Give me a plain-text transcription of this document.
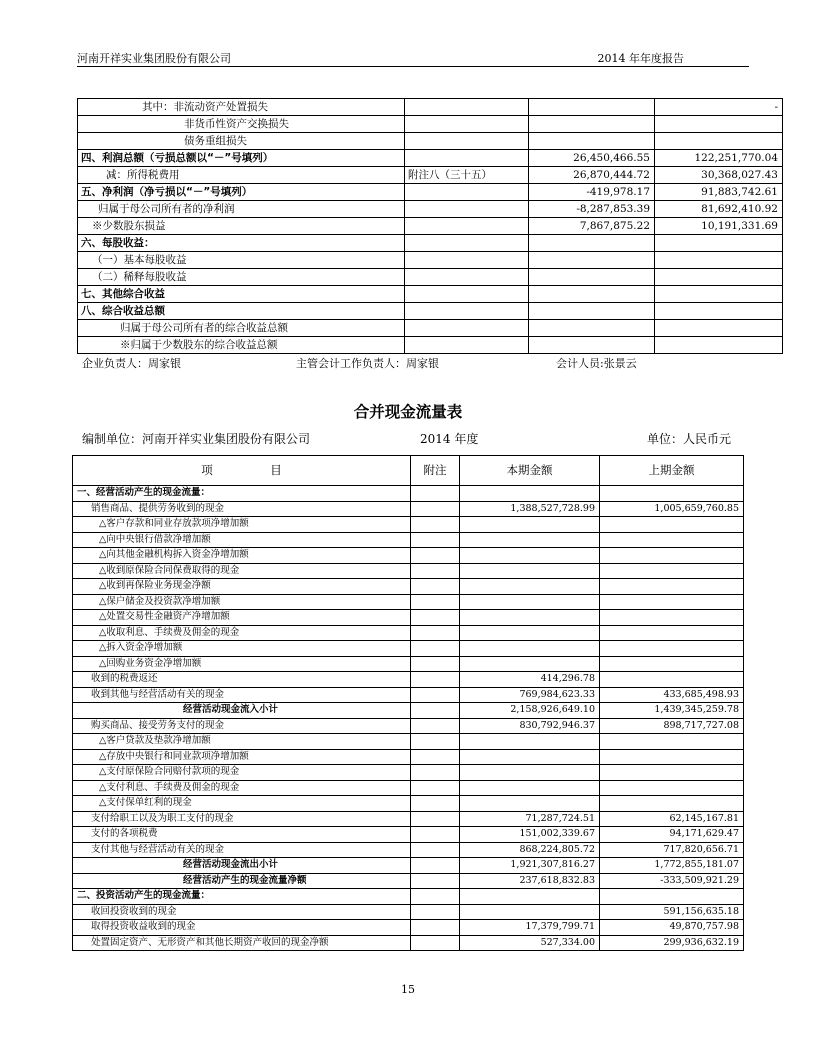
河南开祥实业集团股份有限公司	2014 年年度报告
其中：非流动资产处置损失			-
非货币性资产交换损失			
债务重组损失			
四、利润总额（亏损总额以“－”号填列）		26,450,466.55	122,251,770.04
减：所得税费用	附注八（三十五）	26,870,444.72	30,368,027.43
五、净利润（净亏损以“－”号填列）		-419,978.17	91,883,742.61
归属于母公司所有者的净利润		-8,287,853.39	81,692,410.92
※少数股东损益		7,867,875.22	10,191,331.69
六、每股收益：			
（一）基本每股收益			
（二）稀释每股收益			
七、其他综合收益			
八、综合收益总额			
归属于母公司所有者的综合收益总额			
※归属于少数股东的综合收益总额			
企业负责人：周家银	主管会计工作负责人：周家银	会计人员:张景云
合并现金流量表
编制单位：河南开祥实业集团股份有限公司	2014 年度	单位：人民币元
项　　　　　目	附注	本期金额	上期金额
一、经营活动产生的现金流量：			
销售商品、提供劳务收到的现金		1,388,527,728.99	1,005,659,760.85
△客户存款和同业存放款项净增加额			
△向中央银行借款净增加额			
△向其他金融机构拆入资金净增加额			
△收到原保险合同保费取得的现金			
△收到再保险业务现金净额			
△保户储金及投资款净增加额			
△处置交易性金融资产净增加额			
△收取利息、手续费及佣金的现金			
△拆入资金净增加额			
△回购业务资金净增加额			
收到的税费返还		414,296.78	
收到其他与经营活动有关的现金		769,984,623.33	433,685,498.93
经营活动现金流入小计		2,158,926,649.10	1,439,345,259.78
购买商品、接受劳务支付的现金		830,792,946.37	898,717,727.08
△客户贷款及垫款净增加额			
△存放中央银行和同业款项净增加额			
△支付原保险合同赔付款项的现金			
△支付利息、手续费及佣金的现金			
△支付保单红利的现金			
支付给职工以及为职工支付的现金		71,287,724.51	62,145,167.81
支付的各项税费		151,002,339.67	94,171,629.47
支付其他与经营活动有关的现金		868,224,805.72	717,820,656.71
经营活动现金流出小计		1,921,307,816.27	1,772,855,181.07
经营活动产生的现金流量净额		237,618,832.83	-333,509,921.29
二、投资活动产生的现金流量：			
收回投资收到的现金			591,156,635.18
取得投资收益收到的现金		17,379,799.71	49,870,757.98
处置固定资产、无形资产和其他长期资产收回的现金净额		527,334.00	299,936,632.19
15
